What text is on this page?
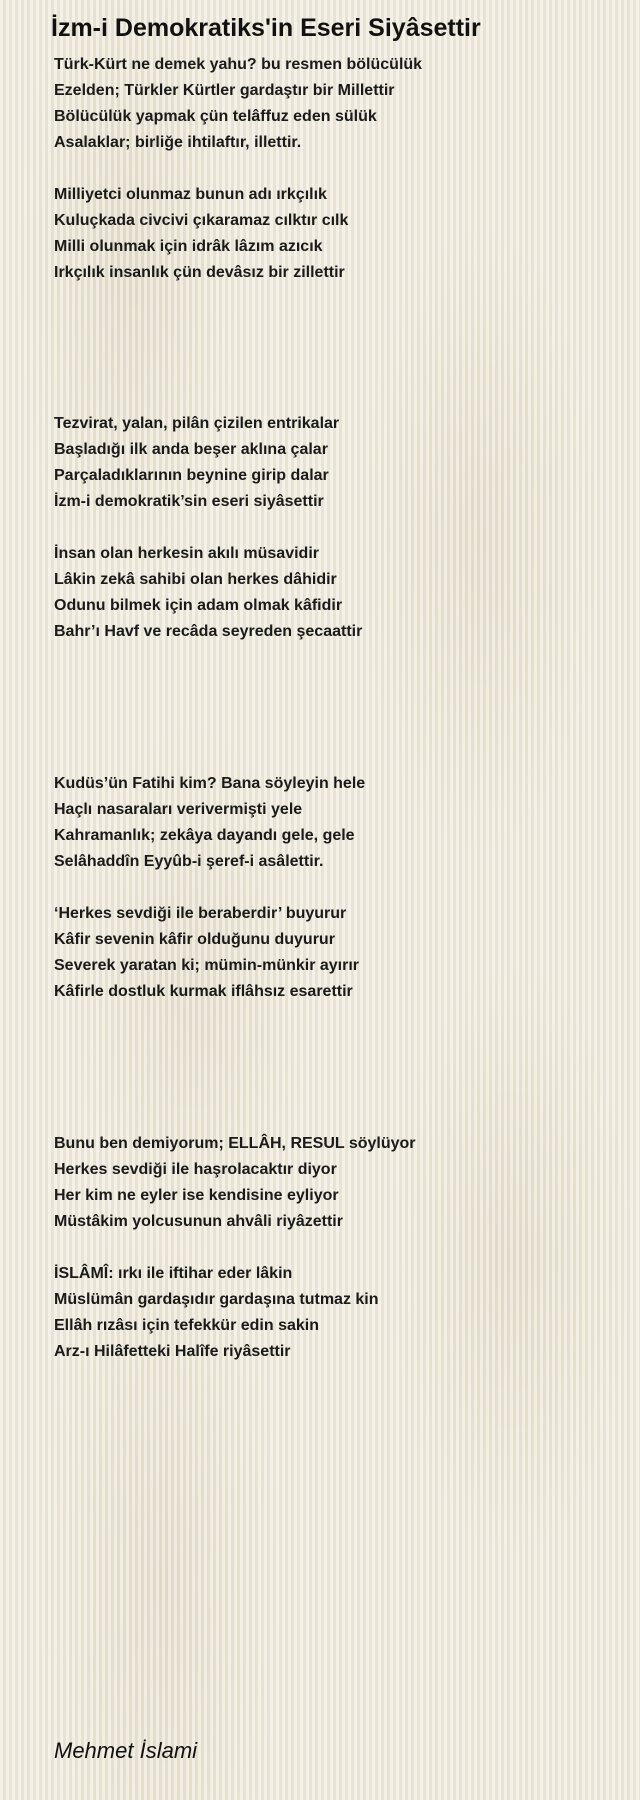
İzm-i Demokratiks'in Eseri Siyâsettir
Türk-Kürt ne demek yahu? bu resmen bölücülük
Ezelden; Türkler Kürtler gardaştır bir Millettir
Bölücülük yapmak çün telâffuz eden sülük
Asalaklar; birliğe ihtilaftır, illettir.
Milliyetci olunmaz bunun adı ırkçılık
Kuluçkada civcivi çıkaramaz cılktır cılk
Milli olunmak için idrâk lâzım azıcık
Irkçılık insanlık çün devâsız bir zillettir
Tezvirat, yalan, pilân çizilen entrikalar
Başladığı ilk anda beşer aklına çalar
Parçaladıklarının beynine girip dalar
İzm-i demokratik’sin eseri siyâsettir
İnsan olan herkesin akılı müsavidir
Lâkin zekâ sahibi olan herkes dâhidir
Odunu bilmek için adam olmak kâfidir
Bahr’ı Havf ve recâda seyreden şecaattir
Kudüs’ün Fatihi kim? Bana söyleyin hele
Haçlı nasaraları verivermişti yele
Kahramanlık; zekâya dayandı gele, gele
Selâhaddîn Eyyûb-i şeref-i asâlettir.
‘Herkes sevdiği ile beraberdir’ buyurur
Kâfir sevenin kâfir olduğunu duyurur
Severek yaratan ki; mümin-münkir ayırır
Kâfirle dostluk kurmak iflâhsız esarettir
Bunu ben demiyorum; ELLÂH, RESUL söylüyor
Herkes sevdiği ile haşrolacaktır diyor
Her kim ne eyler ise kendisine eyliyor
Müstâkim yolcusunun ahvâli riyâzettir
İSLÂMÎ: ırkı ile iftihar eder lâkin
Müslümân gardaşıdır gardaşına tutmaz kin
Ellâh rızâsı için tefekkür edin sakin
Arz-ı Hilâfetteki Halîfe riyâsettir
Mehmet İslami
